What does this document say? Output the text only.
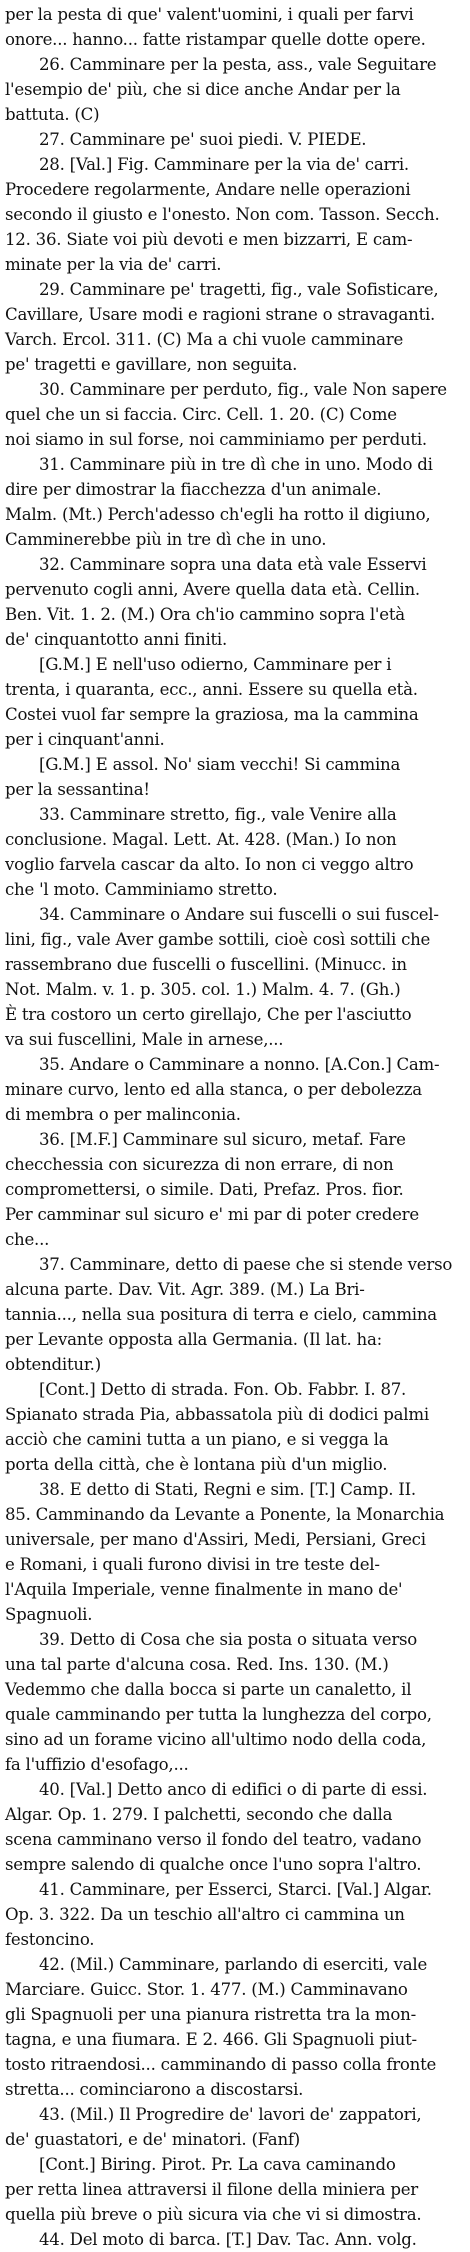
per la pesta di que' valent'uomini, i quali per farvi
onore... hanno... fatte ristampar quelle dotte opere.
26. Camminare per la pesta, ass., vale Seguitare
l'esempio de' più, che si dice anche Andar per la
battuta. (C)
27. Camminare pe' suoi piedi. V. PIEDE.
28. [Val.] Fig. Camminare per la via de' carri.
Procedere regolarmente, Andare nelle operazioni
secondo il giusto e l'onesto. Non com. Tasson. Secch.
12. 36. Siate voi più devoti e men bizzarri, E cam-
minate per la via de' carri.
29. Camminare pe' tragetti, fig., vale Sofisticare,
Cavillare, Usare modi e ragioni strane o stravaganti.
Varch. Ercol. 311. (C) Ma a chi vuole camminare
pe' tragetti e gavillare, non seguita.
30. Camminare per perduto, fig., vale Non sapere
quel che un si faccia. Circ. Cell. 1. 20. (C) Come
noi siamo in sul forse, noi camminiamo per perduti.
31. Camminare più in tre dì che in uno. Modo di
dire per dimostrar la fiacchezza d'un animale.
Malm. (Mt.) Perch'adesso ch'egli ha rotto il digiuno,
Camminerebbe più in tre dì che in uno.
32. Camminare sopra una data età vale Esservi
pervenuto cogli anni, Avere quella data età. Cellin.
Ben. Vit. 1. 2. (M.) Ora ch'io cammino sopra l'età
de' cinquantotto anni finiti.
[G.M.] E nell'uso odierno, Camminare per i
trenta, i quaranta, ecc., anni. Essere su quella età.
Costei vuol far sempre la graziosa, ma la cammina
per i cinquant'anni.
[G.M.] E assol. No' siam vecchi! Si cammina
per la sessantina!
33. Camminare stretto, fig., vale Venire alla
conclusione. Magal. Lett. At. 428. (Man.) Io non
voglio farvela cascar da alto. Io non ci veggo altro
che 'l moto. Camminiamo stretto.
34. Camminare o Andare sui fuscelli o sui fuscel-
lini, fig., vale Aver gambe sottili, cioè così sottili che
rassembrano due fuscelli o fuscellini. (Minucc. in
Not. Malm. v. 1. p. 305. col. 1.) Malm. 4. 7. (Gh.)
È tra costoro un certo girellajo, Che per l'asciutto
va sui fuscellini, Male in arnese,...
35. Andare o Camminare a nonno. [A.Con.] Cam-
minare curvo, lento ed alla stanca, o per debolezza
di membra o per malinconia.
36. [M.F.] Camminare sul sicuro, metaf. Fare
checchessia con sicurezza di non errare, di non
compromettersi, o simile. Dati, Prefaz. Pros. fior.
Per camminar sul sicuro e' mi par di poter credere
che...
37. Camminare, detto di paese che si stende verso
alcuna parte. Dav. Vit. Agr. 389. (M.) La Bri-
tannia..., nella sua positura di terra e cielo, cammina
per Levante opposta alla Germania. (Il lat. ha:
obtenditur.)
[Cont.] Detto di strada. Fon. Ob. Fabbr. I. 87.
Spianato strada Pia, abbassatola più di dodici palmi
acciò che camini tutta a un piano, e si vegga la
porta della città, che è lontana più d'un miglio.
38. E detto di Stati, Regni e sim. [T.] Camp. II.
85. Camminando da Levante a Ponente, la Monarchia
universale, per mano d'Assiri, Medi, Persiani, Greci
e Romani, i quali furono divisi in tre teste del-
l'Aquila Imperiale, venne finalmente in mano de'
Spagnuoli.
39. Detto di Cosa che sia posta o situata verso
una tal parte d'alcuna cosa. Red. Ins. 130. (M.)
Vedemmo che dalla bocca si parte un canaletto, il
quale camminando per tutta la lunghezza del corpo,
sino ad un forame vicino all'ultimo nodo della coda,
fa l'uffizio d'esofago,...
40. [Val.] Detto anco di edifici o di parte di essi.
Algar. Op. 1. 279. I palchetti, secondo che dalla
scena camminano verso il fondo del teatro, vadano
sempre salendo di qualche once l'uno sopra l'altro.
41. Camminare, per Esserci, Starci. [Val.] Algar.
Op. 3. 322. Da un teschio all'altro ci cammina un
festoncino.
42. (Mil.) Camminare, parlando di eserciti, vale
Marciare. Guicc. Stor. 1. 477. (M.) Camminavano
gli Spagnuoli per una pianura ristretta tra la mon-
tagna, e una fiumara. E 2. 466. Gli Spagnuoli piut-
tosto ritraendosi... camminando di passo colla fronte
stretta... cominciarono a discostarsi.
43. (Mil.) Il Progredire de' lavori de' zappatori,
de' guastatori, e de' minatori. (Fanf)
[Cont.] Biring. Pirot. Pr. La cava caminando
per retta linea attraversi il filone della miniera per
quella più breve o più sicura via che vi si dimostra.
44. Del moto di barca. [T.] Dav. Tac. Ann. volg.
